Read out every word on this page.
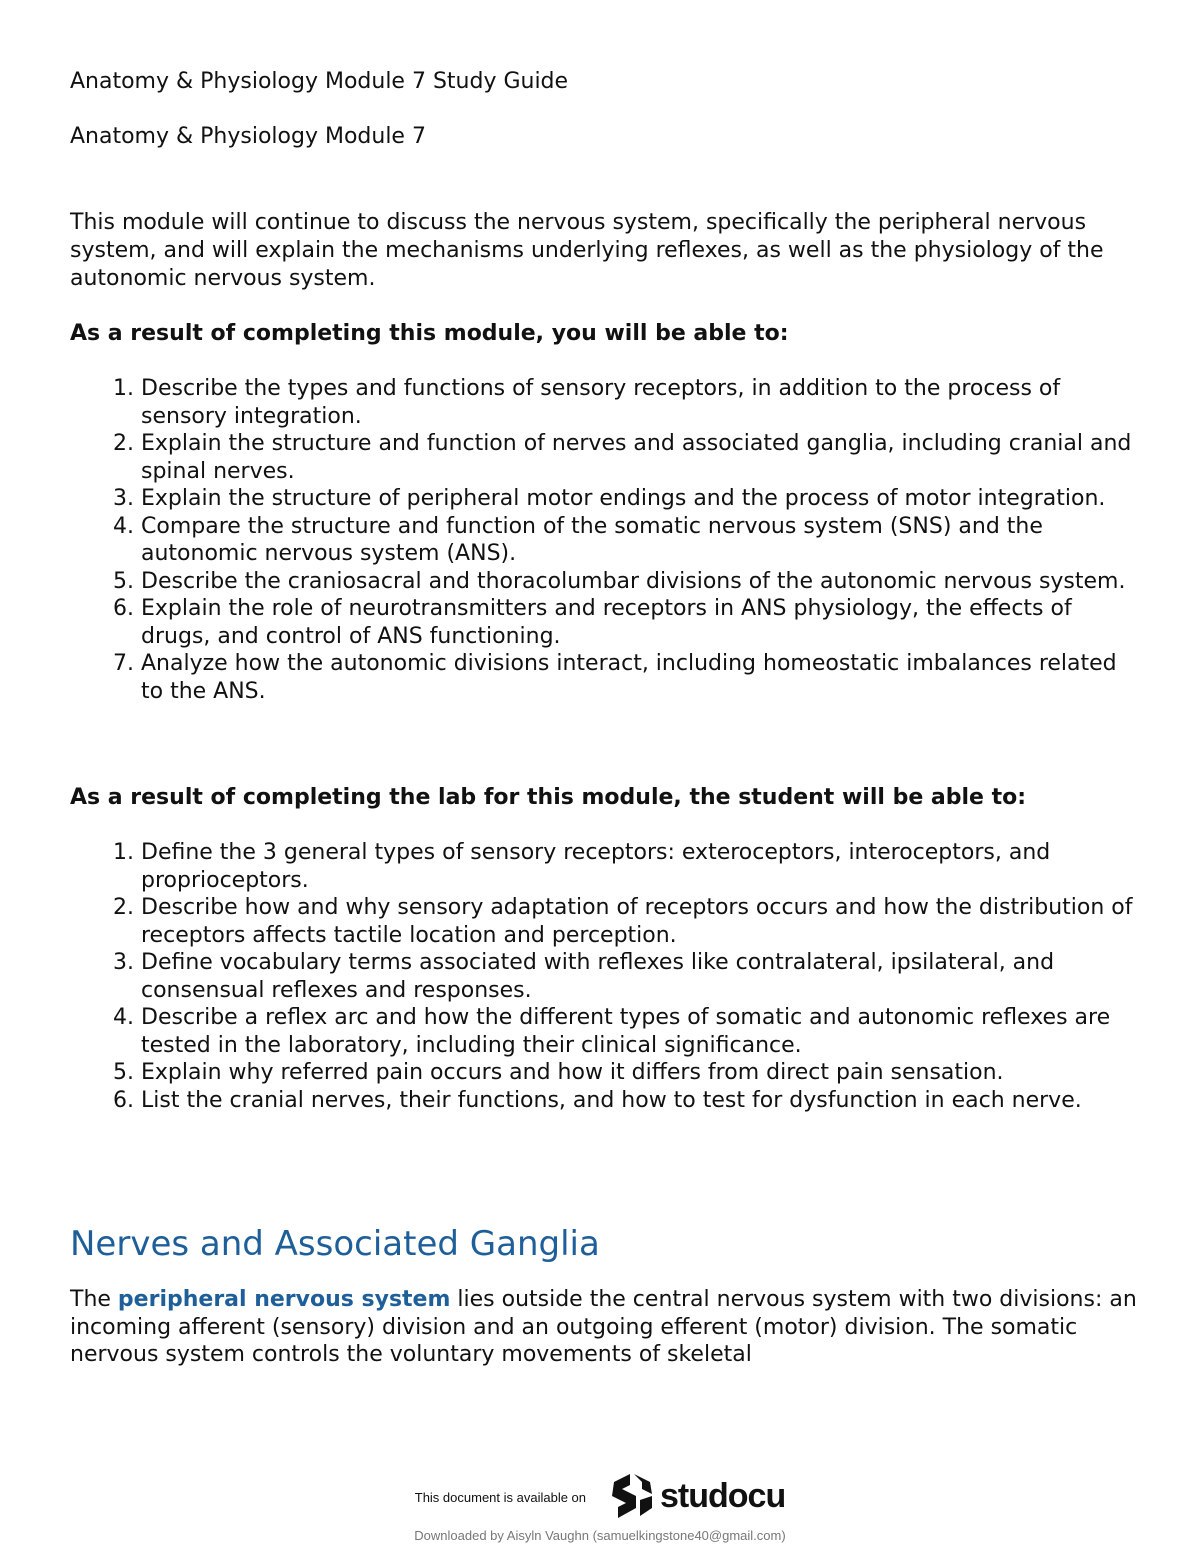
Anatomy & Physiology Module 7 Study Guide

Anatomy & Physiology Module 7

This module will continue to discuss the nervous system, specifically the peripheral nervous system, and will explain the mechanisms underlying reflexes, as well as the physiology of the autonomic nervous system.

As a result of completing this module, you will be able to:

1. Describe the types and functions of sensory receptors, in addition to the process of sensory integration.
2. Explain the structure and function of nerves and associated ganglia, including cranial and spinal nerves.
3. Explain the structure of peripheral motor endings and the process of motor integration.
4. Compare the structure and function of the somatic nervous system (SNS) and the autonomic nervous system (ANS).
5. Describe the craniosacral and thoracolumbar divisions of the autonomic nervous system.
6. Explain the role of neurotransmitters and receptors in ANS physiology, the effects of drugs, and control of ANS functioning.
7. Analyze how the autonomic divisions interact, including homeostatic imbalances related to the ANS.

As a result of completing the lab for this module, the student will be able to:

1. Define the 3 general types of sensory receptors: exteroceptors, interoceptors, and proprioceptors.
2. Describe how and why sensory adaptation of receptors occurs and how the distribution of receptors affects tactile location and perception.
3. Define vocabulary terms associated with reflexes like contralateral, ipsilateral, and consensual reflexes and responses.
4. Describe a reflex arc and how the different types of somatic and autonomic reflexes are tested in the laboratory, including their clinical significance.
5. Explain why referred pain occurs and how it differs from direct pain sensation.
6. List the cranial nerves, their functions, and how to test for dysfunction in each nerve.
Nerves and Associated Ganglia

The peripheral nervous system lies outside the central nervous system with two divisions: an incoming afferent (sensory) division and an outgoing efferent (motor) division. The somatic nervous system controls the voluntary movements of skeletal

This document is available on studocu
Downloaded by Aisyln Vaughn (samuelkingstone40@gmail.com)
